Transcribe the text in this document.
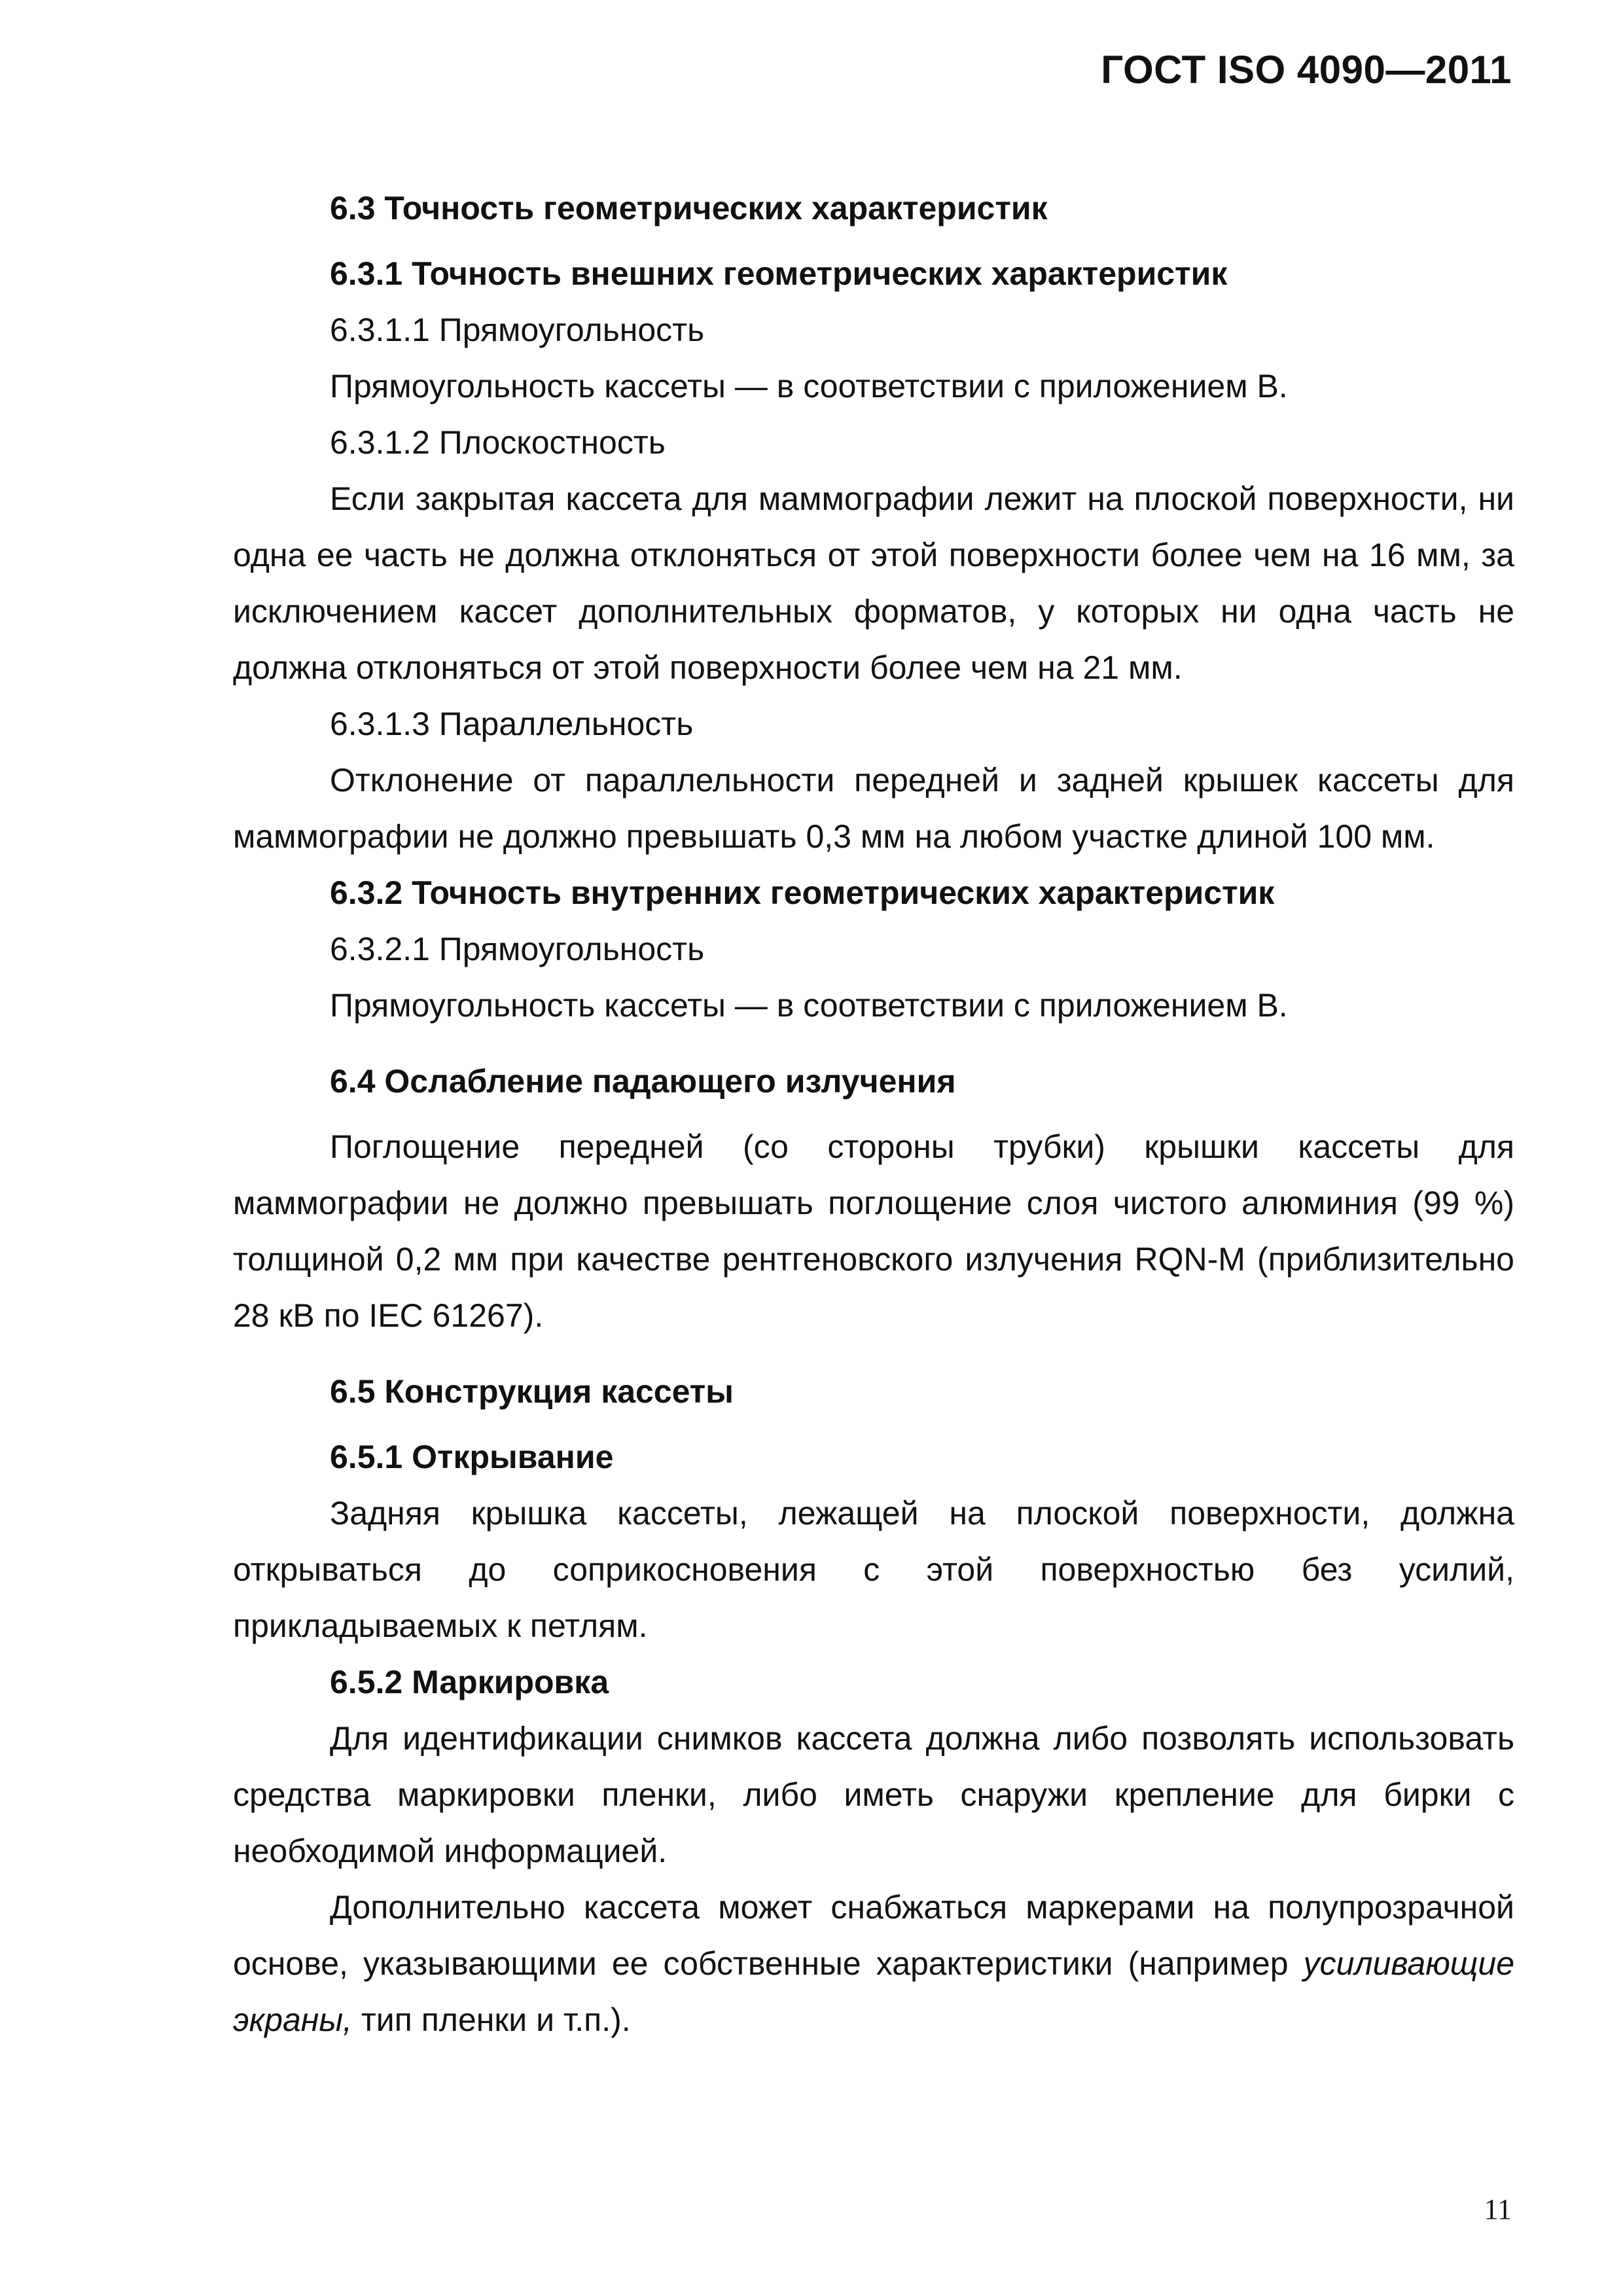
ГОСТ ISO 4090—2011

6.3 Точность геометрических характеристик

6.3.1 Точность внешних геометрических характеристик

6.3.1.1 Прямоугольность

Прямоугольность кассеты — в соответствии с приложением В.

6.3.1.2 Плоскостность

Если закрытая кассета для маммографии лежит на плоской поверхности, ни одна ее часть не должна отклоняться от этой поверхности более чем на 16 мм, за исключением кассет дополнительных форматов, у которых ни одна часть не должна отклоняться от этой поверхности более чем на 21 мм.

6.3.1.3 Параллельность

Отклонение от параллельности передней и задней крышек кассеты для маммографии не должно превышать 0,3 мм на любом участке длиной 100 мм.

6.3.2 Точность внутренних геометрических характеристик

6.3.2.1 Прямоугольность

Прямоугольность кассеты — в соответствии с приложением В.

6.4 Ослабление падающего излучения

Поглощение передней (со стороны трубки) крышки кассеты для маммографии не должно превышать поглощение слоя чистого алюминия (99 %) толщиной 0,2 мм при качестве рентгеновского излучения RQN-M (приблизительно 28 кВ по IEC 61267).

6.5 Конструкция кассеты

6.5.1 Открывание

Задняя крышка кассеты, лежащей на плоской поверхности, должна открываться до соприкосновения с этой поверхностью без усилий, прикладываемых к петлям.

6.5.2 Маркировка

Для идентификации снимков кассета должна либо позволять использовать средства маркировки пленки, либо иметь снаружи крепление для бирки с необходимой информацией.

Дополнительно кассета может снабжаться маркерами на полупрозрачной основе, указывающими ее собственные характеристики (например усиливающие экраны, тип пленки и т.п.).

11
